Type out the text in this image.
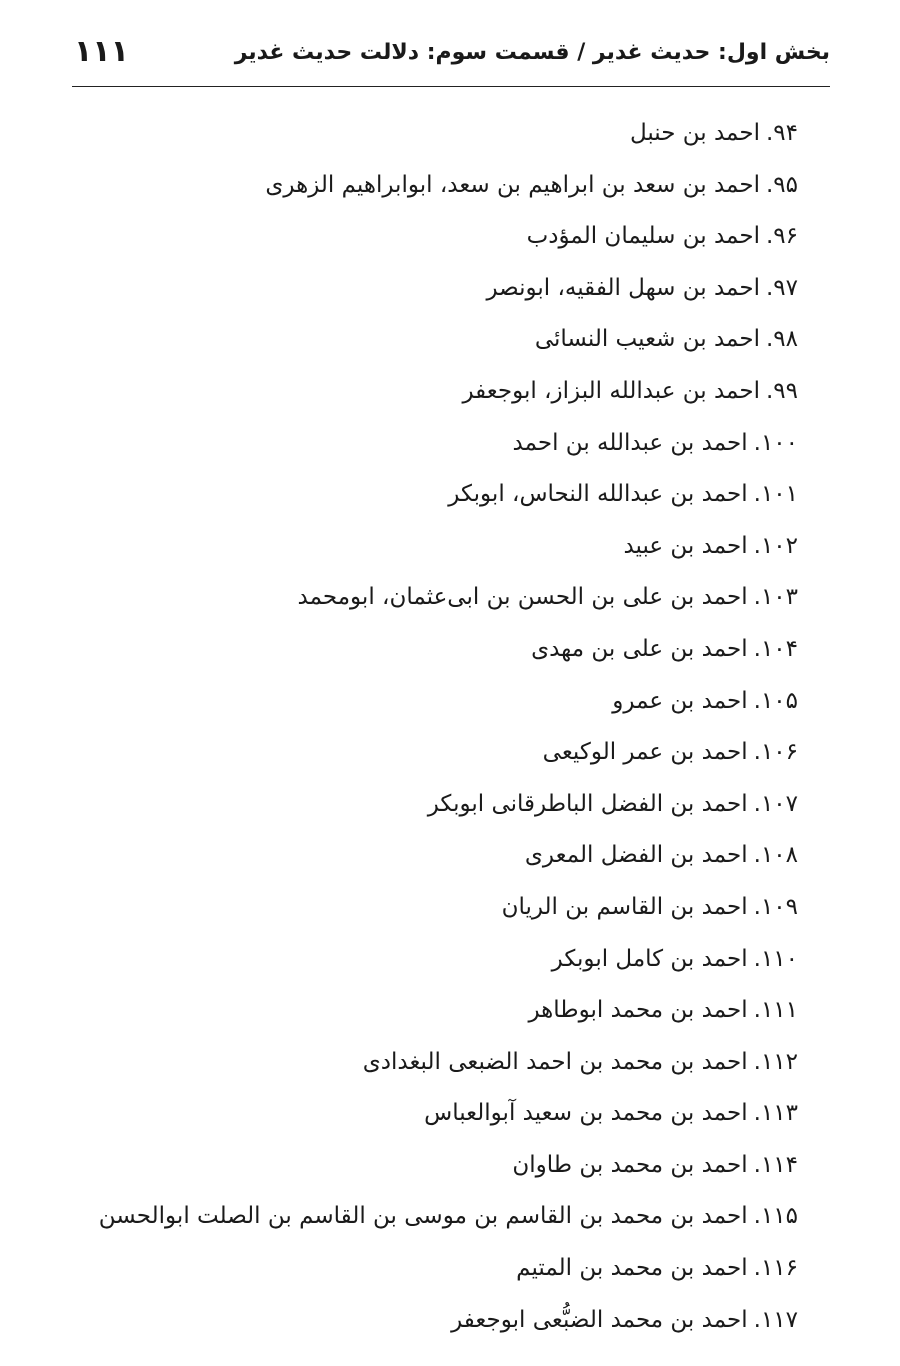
بخش اول: حدیث غدیر / قسمت سوم: دلالت حدیث غدیر
۱۱۱
۹۴.احمد بن حنبل
۹۵.احمد بن سعد بن ابراهیم بن سعد، ابوابراهیم الزهری
۹۶.احمد بن سلیمان المؤدب
۹۷.احمد بن سهل الفقیه، ابونصر
۹۸.احمد بن شعیب النسائی
۹۹.احمد بن عبدالله البزاز، ابوجعفر
۱۰۰.احمد بن عبدالله بن احمد
۱۰۱.احمد بن عبدالله النحاس، ابوبکر
۱۰۲.احمد بن عبید
۱۰۳.احمد بن علی بن الحسن بن ابی‌عثمان، ابومحمد
۱۰۴.احمد بن علی بن مهدی
۱۰۵.احمد بن عمرو
۱۰۶.احمد بن عمر الوکیعی
۱۰۷.احمد بن الفضل الباطرقانی ابوبکر
۱۰۸.احمد بن الفضل المعری
۱۰۹.احمد بن القاسم بن الریان
۱۱۰.احمد بن کامل ابوبکر
۱۱۱.احمد بن محمد ابوطاهر
۱۱۲.احمد بن محمد بن احمد الضبعی البغدادی
۱۱۳.احمد بن محمد بن سعید آبوالعباس
۱۱۴.احمد بن محمد بن طاوان
۱۱۵.احمد بن محمد بن القاسم بن موسی بن القاسم بن الصلت ابوالحسن
۱۱۶.احمد بن محمد بن المتیم
۱۱۷.احمد بن محمد الضبُّعی ابوجعفر
